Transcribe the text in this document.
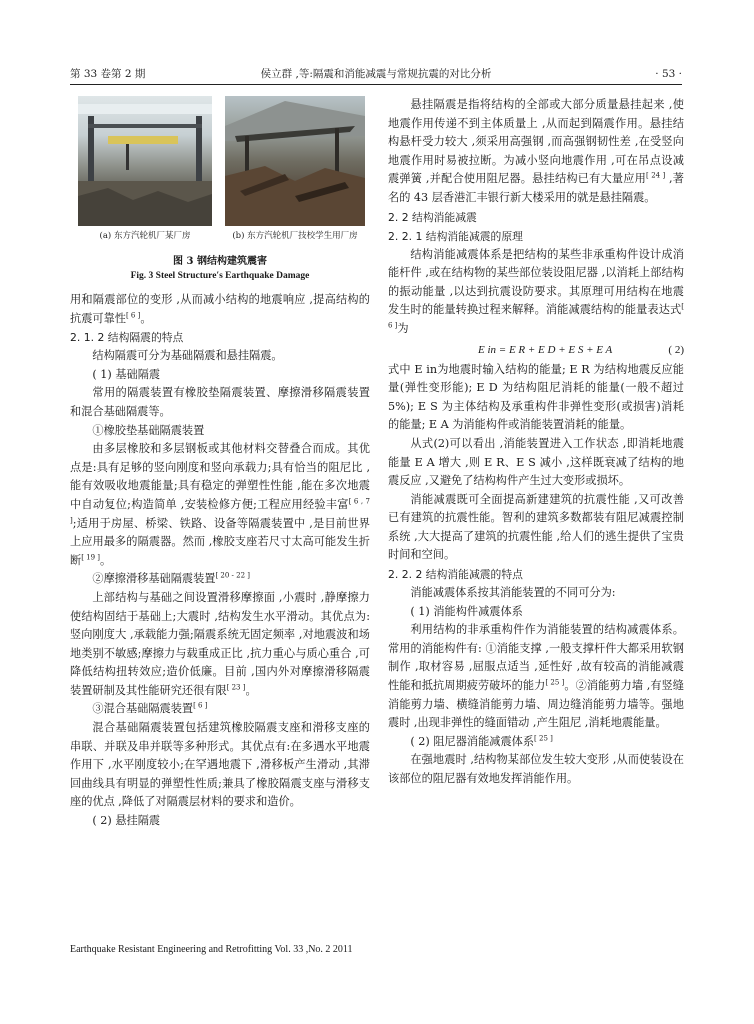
第 33 卷第 2 期	侯立群 ,等:隔震和消能减震与常规抗震的对比分析	· 53 ·
(a) 东方汽轮机厂某厂房	(b) 东方汽轮机厂技校学生用厂房
图 3 钢结构建筑震害
Fig. 3 Steel Structure′s Earthquake Damage

用和隔震部位的变形 ,从而减小结构的地震响应 ,提高结构的抗震可靠性[ 6 ]。

2. 1. 2 结构隔震的特点

结构隔震可分为基础隔震和悬挂隔震。

( 1) 基础隔震

常用的隔震装置有橡胶垫隔震装置、摩擦滑移隔震装置和混合基础隔震等。

①橡胶垫基础隔震装置

由多层橡胶和多层钢板或其他材料交替叠合而成。其优点是:具有足够的竖向刚度和竖向承载力;具有恰当的阻尼比 ,能有效吸收地震能量;具有稳定的弹塑性性能 ,能在多次地震中自动复位;构造简单 ,安装检修方便;工程应用经验丰富[ 6 , 7 ];适用于房屋、桥梁、铁路、设备等隔震装置中 ,是目前世界上应用最多的隔震器。然而 ,橡胶支座若尺寸太高可能发生折断[ 19 ]。

②摩擦滑移基础隔震装置[ 20 - 22 ]

上部结构与基础之间设置滑移摩擦面 ,小震时 ,静摩擦力使结构固结于基础上;大震时 ,结构发生水平滑动。其优点为:竖向刚度大 ,承载能力强;隔震系统无固定频率 ,对地震波和场地类别不敏感;摩擦力与载重成正比 ,抗力重心与质心重合 ,可降低结构扭转效应;造价低廉。目前 ,国内外对摩擦滑移隔震装置研制及其性能研究还很有限[ 23 ]。

③混合基础隔震装置[ 6 ]

混合基础隔震装置包括建筑橡胶隔震支座和滑移支座的串联、并联及串并联等多种形式。其优点有:在多遇水平地震作用下 ,水平刚度较小;在罕遇地震下 ,滑移板产生滑动 ,其滞回曲线具有明显的弹塑性性质;兼具了橡胶隔震支座与滑移支座的优点 ,降低了对隔震层材料的要求和造价。

( 2) 悬挂隔震

悬挂隔震是指将结构的全部或大部分质量悬挂起来 ,使地震作用传递不到主体质量上 ,从而起到隔震作用。悬挂结构悬杆受力较大 ,须采用高强钢 ,而高强钢韧性差 ,在受竖向地震作用时易被拉断。为减小竖向地震作用 ,可在吊点设减震弹簧 ,并配合使用阻尼器。悬挂结构已有大量应用[ 24 ] ,著名的 43 层香港汇丰银行新大楼采用的就是悬挂隔震。

2. 2 结构消能减震
2. 2. 1 结构消能减震的原理

结构消能减震体系是把结构的某些非承重构件设计成消能杆件 ,或在结构物的某些部位装设阻尼器 ,以消耗上部结构的振动能量 ,以达到抗震设防要求。其原理可用结构在地震发生时的能量转换过程来解释。消能减震结构的能量表达式[ 6 ]为

E in = E R + E D + E S + E A	( 2)

式中 E in为地震时输入结构的能量; E R 为结构地震反应能量(弹性变形能); E D 为结构阻尼消耗的能量(一般不超过 5%); E S 为主体结构及承重构件非弹性变形(或损害)消耗的能量; E A 为消能构件或消能装置消耗的能量。

从式(2)可以看出 ,消能装置进入工作状态 ,即消耗地震能量 E A 增大 ,则 E R、E S 减小 ,这样既衰减了结构的地震反应 ,又避免了结构构件产生过大变形或损坏。

消能减震既可全面提高新建建筑的抗震性能 ,又可改善已有建筑的抗震性能。智利的建筑多数都装有阻尼减震控制系统 ,大大提高了建筑的抗震性能 ,给人们的逃生提供了宝贵时间和空间。

2. 2. 2 结构消能减震的特点

消能减震体系按其消能装置的不同可分为:

( 1) 消能构件减震体系

利用结构的非承重构件作为消能装置的结构减震体系。常用的消能构件有: ①消能支撑 ,一般支撑杆件大都采用软钢制作 ,取材容易 ,屈服点适当 ,延性好 ,故有较高的消能减震性能和抵抗周期疲劳破坏的能力[ 25 ]。②消能剪力墙 ,有竖缝消能剪力墙、横缝消能剪力墙、周边缝消能剪力墙等。强地震时 ,出现非弹性的缝面错动 ,产生阻尼 ,消耗地震能量。

( 2) 阻尼器消能减震体系[ 25 ]

在强地震时 ,结构物某部位发生较大变形 ,从而使装设在该部位的阻尼器有效地发挥消能作用。

Earthquake Resistant Engineering and Retrofitting Vol. 33 ,No. 2 2011
